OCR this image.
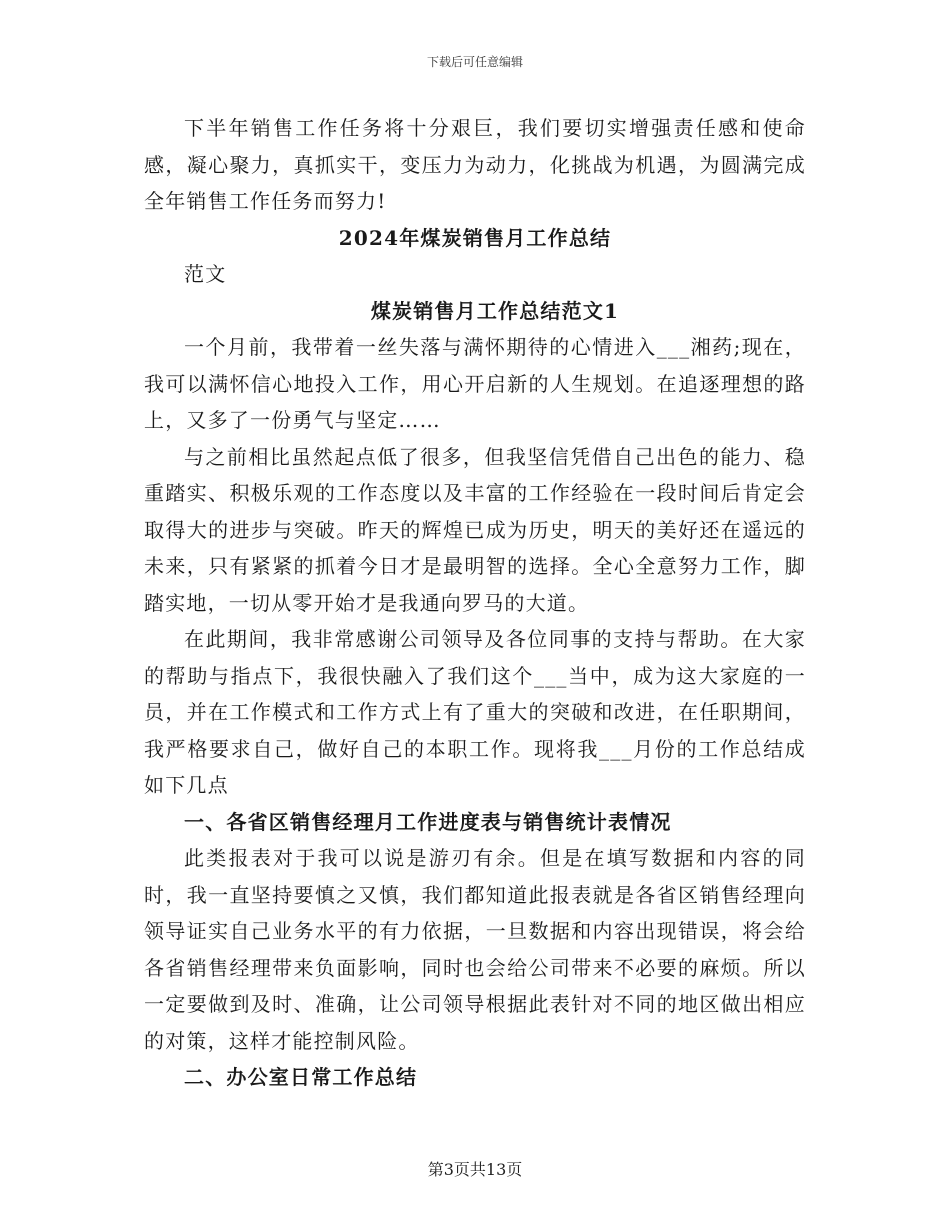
下载后可任意编辑

下半年销售工作任务将十分艰巨，我们要切实增强责任感和使命感，凝心聚力，真抓实干，变压力为动力，化挑战为机遇，为圆满完成全年销售工作任务而努力!

2024年煤炭销售月工作总结

范文

煤炭销售月工作总结范文1

一个月前，我带着一丝失落与满怀期待的心情进入___湘药;现在，我可以满怀信心地投入工作，用心开启新的人生规划。在追逐理想的路上，又多了一份勇气与坚定……

与之前相比虽然起点低了很多，但我坚信凭借自己出色的能力、稳重踏实、积极乐观的工作态度以及丰富的工作经验在一段时间后肯定会取得大的进步与突破。昨天的辉煌已成为历史，明天的美好还在遥远的未来，只有紧紧的抓着今日才是最明智的选择。全心全意努力工作，脚踏实地，一切从零开始才是我通向罗马的大道。

在此期间，我非常感谢公司领导及各位同事的支持与帮助。在大家的帮助与指点下，我很快融入了我们这个___当中，成为这大家庭的一员，并在工作模式和工作方式上有了重大的突破和改进，在任职期间，我严格要求自己，做好自己的本职工作。现将我___月份的工作总结成如下几点

一、各省区销售经理月工作进度表与销售统计表情况

此类报表对于我可以说是游刃有余。但是在填写数据和内容的同时，我一直坚持要慎之又慎，我们都知道此报表就是各省区销售经理向领导证实自己业务水平的有力依据，一旦数据和内容出现错误，将会给各省销售经理带来负面影响，同时也会给公司带来不必要的麻烦。所以一定要做到及时、准确，让公司领导根据此表针对不同的地区做出相应的对策，这样才能控制风险。

二、办公室日常工作总结

第3页共13页
